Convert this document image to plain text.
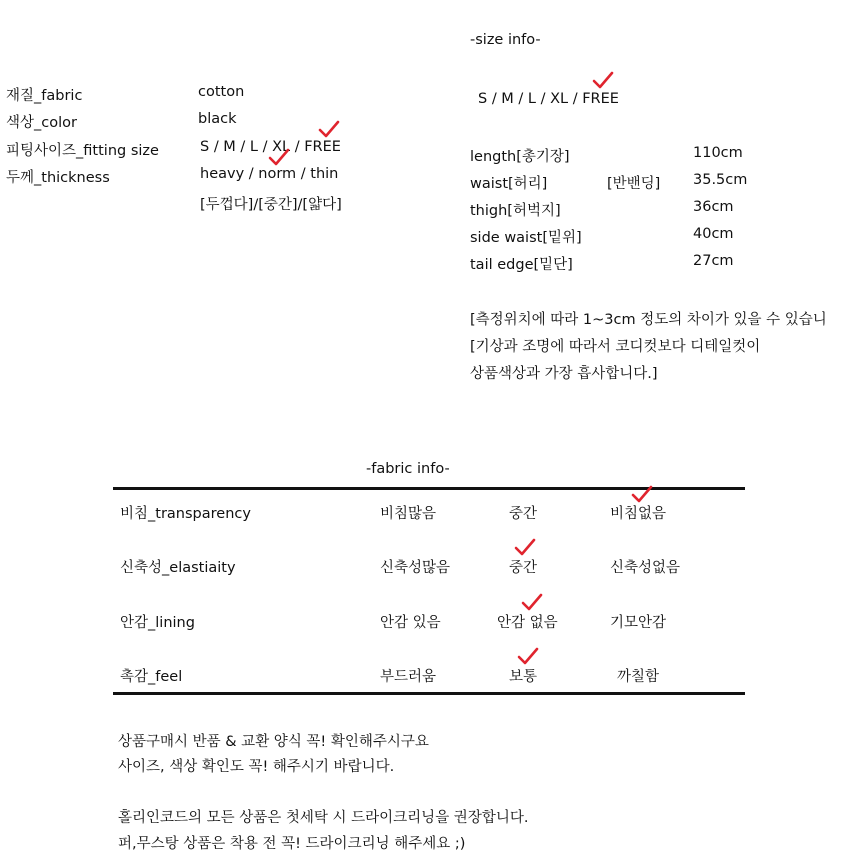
재질_fabric	cotton
색상_color	black
피팅사이즈_fitting size	S / M / L / XL / FREE
두께_thickness	heavy / norm / thin
[두껍다]/[중간]/[얇다]
-size info-
S / M / L / XL / FREE
length[총기장]	110cm
waist[허리]	[반밴딩] 35.5cm
thigh[허벅지]	36cm
side waist[밑위]	40cm
tail edge[밑단]	27cm
[측정위치에 따라 1~3cm 정도의 차이가 있을 수 있습니
[기상과 조명에 따라서 코디컷보다 디테일컷이
상품색상과 가장 흡사합니다.]
-fabric info-
비침_transparency	비침많음	중간	비침없음
신축성_elastiaity	신축성많음	중간	신축성없음
안감_lining	안감 있음	안감 없음	기모안감
촉감_feel	부드러움	보통	까칠함
상품구매시 반품 & 교환 양식 꼭! 확인해주시구요
사이즈, 색상 확인도 꼭! 해주시기 바랍니다.
홀리인코드의 모든 상품은 첫세탁 시 드라이크리닝을 권장합니다.
퍼,무스탕 상품은 착용 전 꼭! 드라이크리닝 해주세요 ;)
